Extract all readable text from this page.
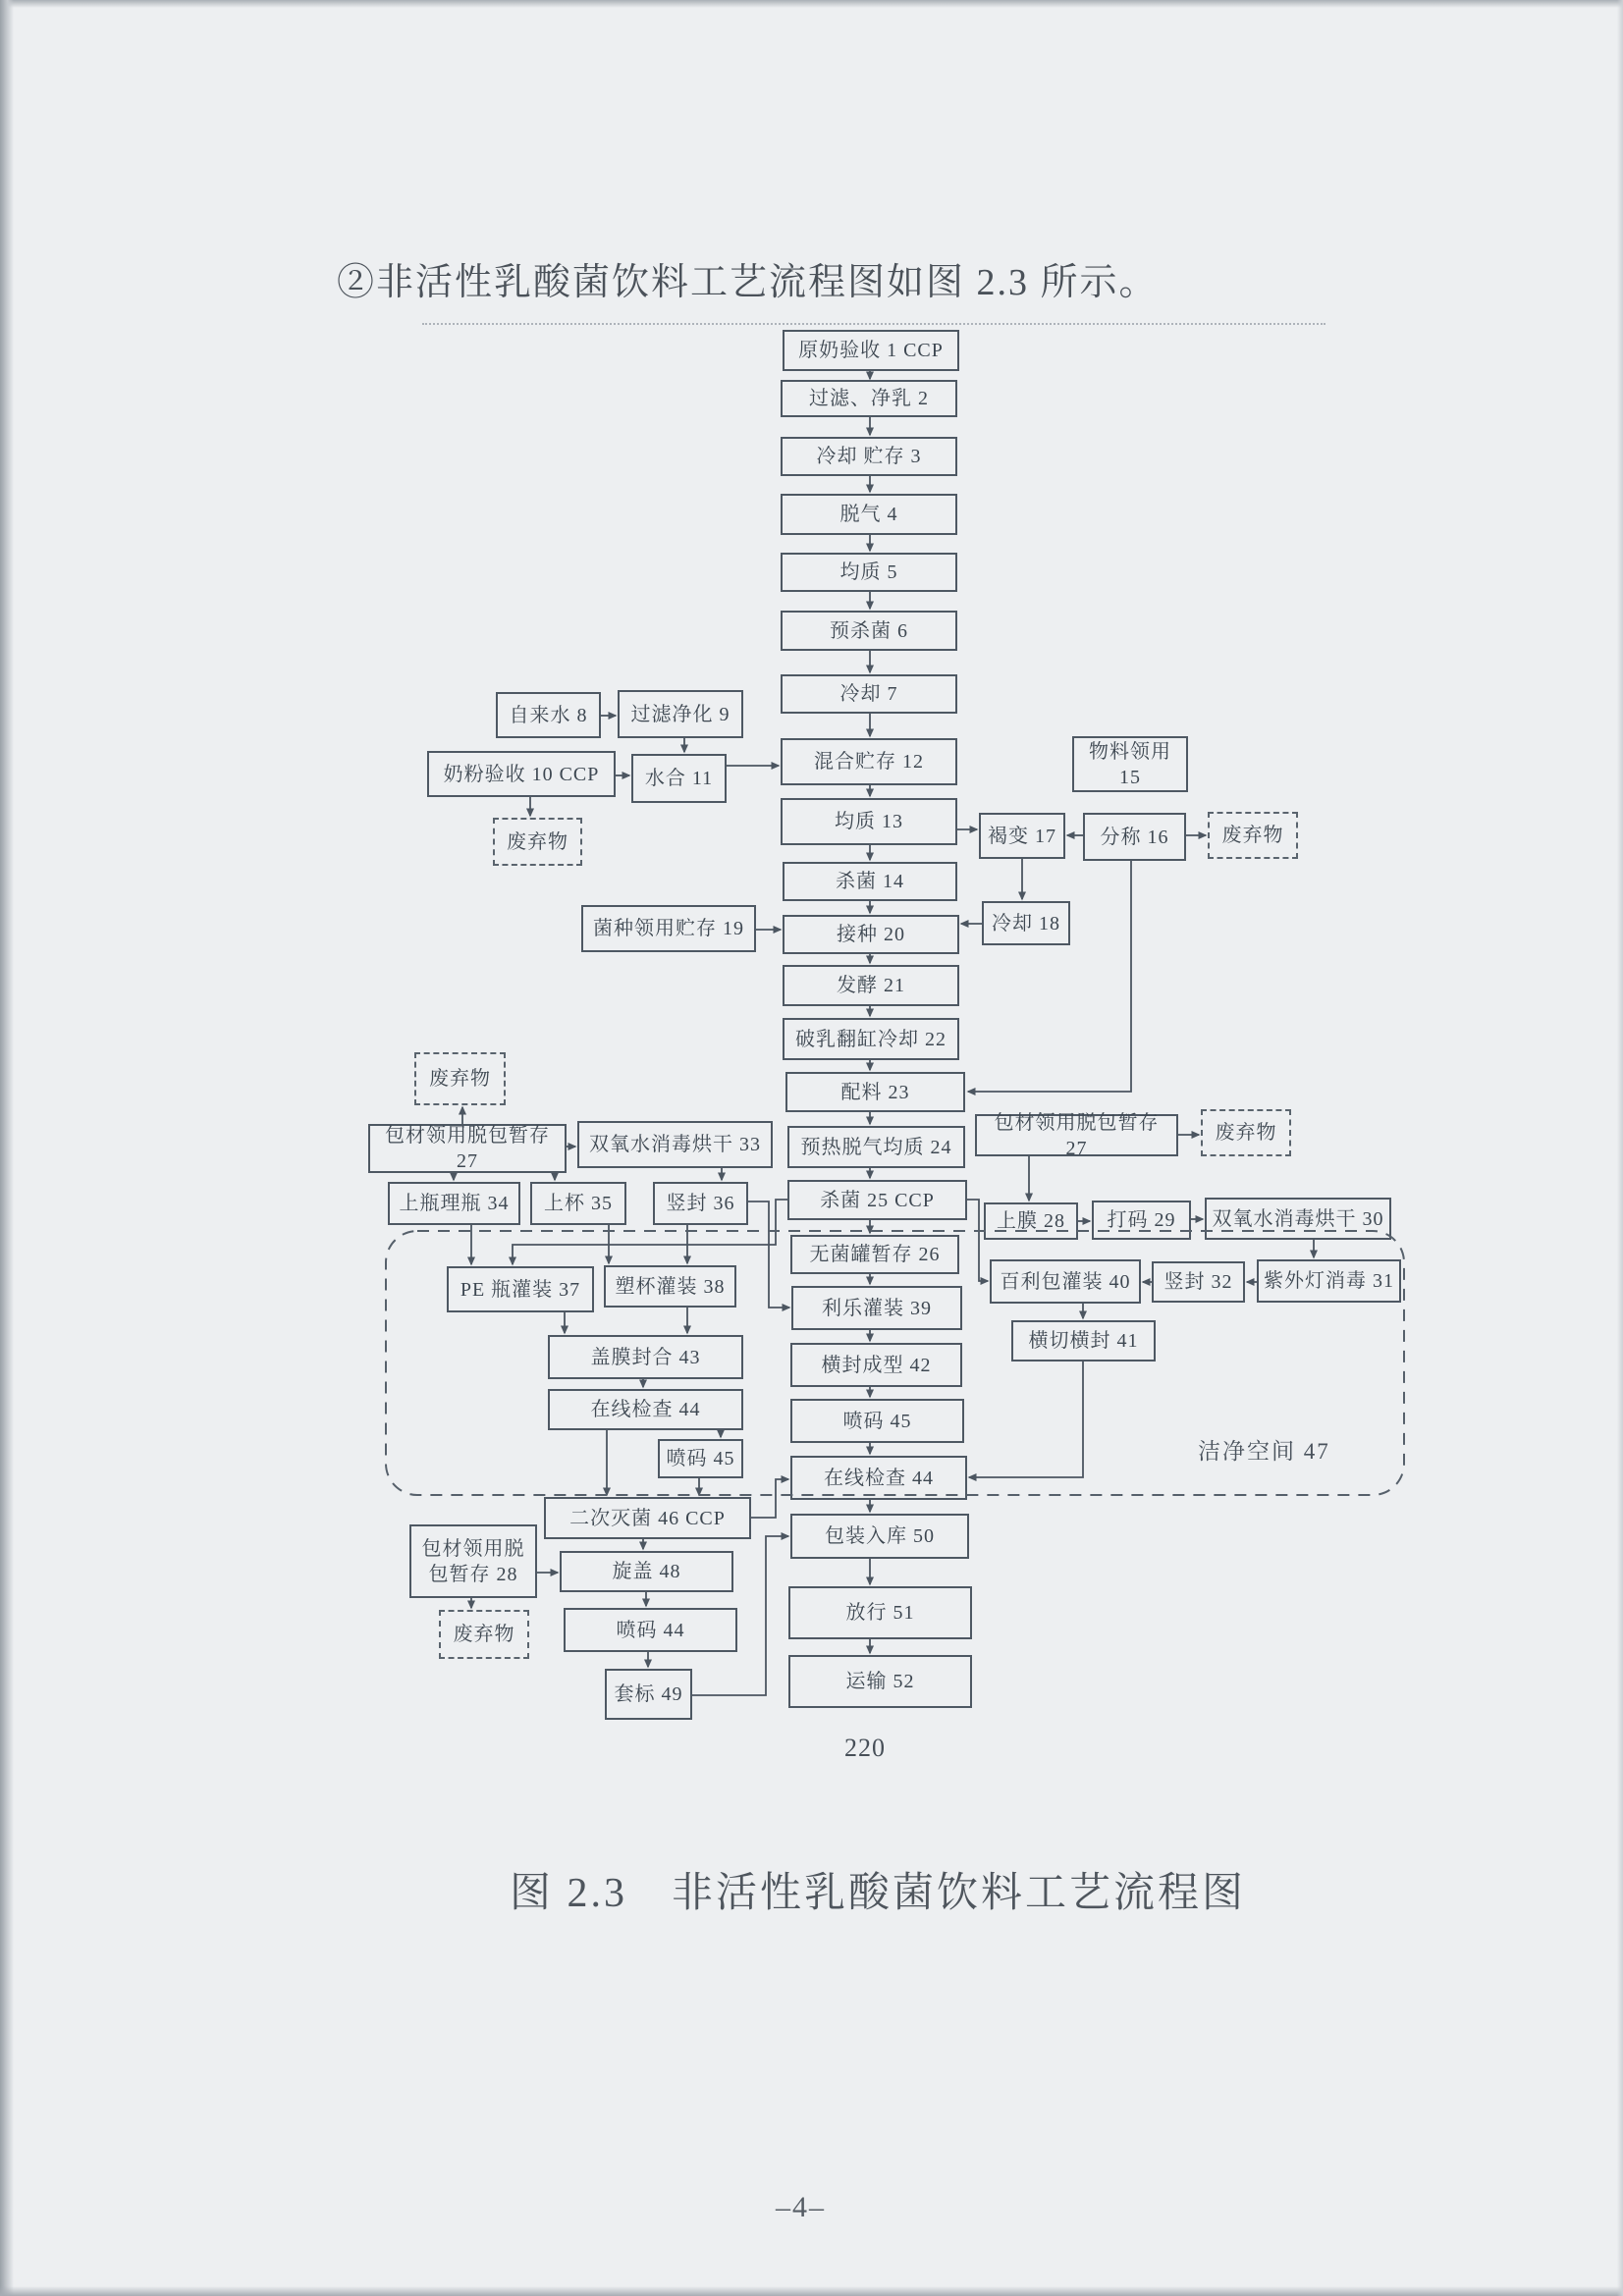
②非活性乳酸菌饮料工艺流程图如图 2.3 所示。
原奶验收 1 CCP
过滤、净乳 2
冷却 贮存 3
脱气 4
均质 5
预杀菌 6
冷却 7
自来水 8	过滤净化 9
奶粉验收 10 CCP	水合 11
废弃物
混合贮存 12
均质 13
杀菌 14
物料领用 15
分称 16
褐变 17	废弃物
冷却 18
菌种领用贮存 19	接种 20
发酵 21
破乳翻缸冷却 22
配料 23
预热脱气均质 24
杀菌 25 CCP
废弃物
包材领用脱包暂存 27
双氧水消毒烘干 33
上瓶理瓶 34	上杯 35	竖封 36
包材领用脱包暂存 27
废弃物
上膜 28	打码 29	双氧水消毒烘干 30
紫外灯消毒 31
竖封 32
百利包灌装 40
横切横封 41
PE 瓶灌装 37	塑杯灌装 38
无菌罐暂存 26
利乐灌装 39
横封成型 42
喷码 45
在线检查 44
盖膜封合 43
在线检查 44
喷码 45
二次灭菌 46 CCP
包材领用脱 包暂存 28	旋盖 48
废弃物	喷码 44
套标 49
包装入库 50
放行 51
运输 52
洁净空间 47
220
图 2.3　非活性乳酸菌饮料工艺流程图
–4–
